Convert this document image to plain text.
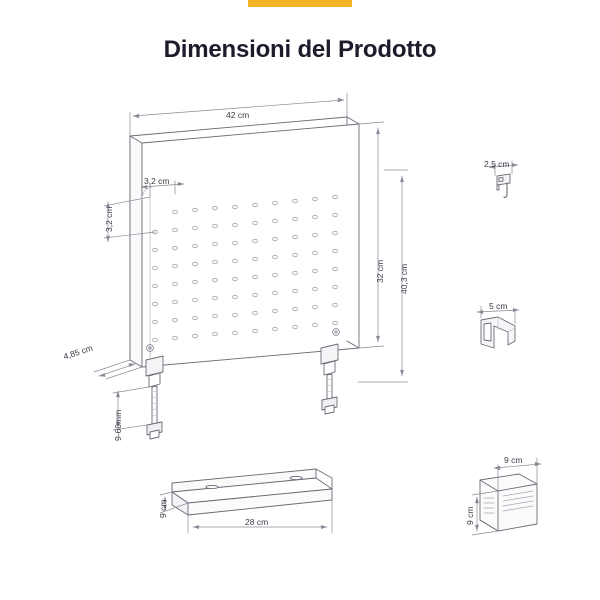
Dimensioni del Prodotto
42 cm
3,2 cm
3,2 cm
32 cm 40,3 cm
4,85 cm
9-60mm
2,5 cm
5 cm
28 cm
9 cm
9 cm
9 cm
